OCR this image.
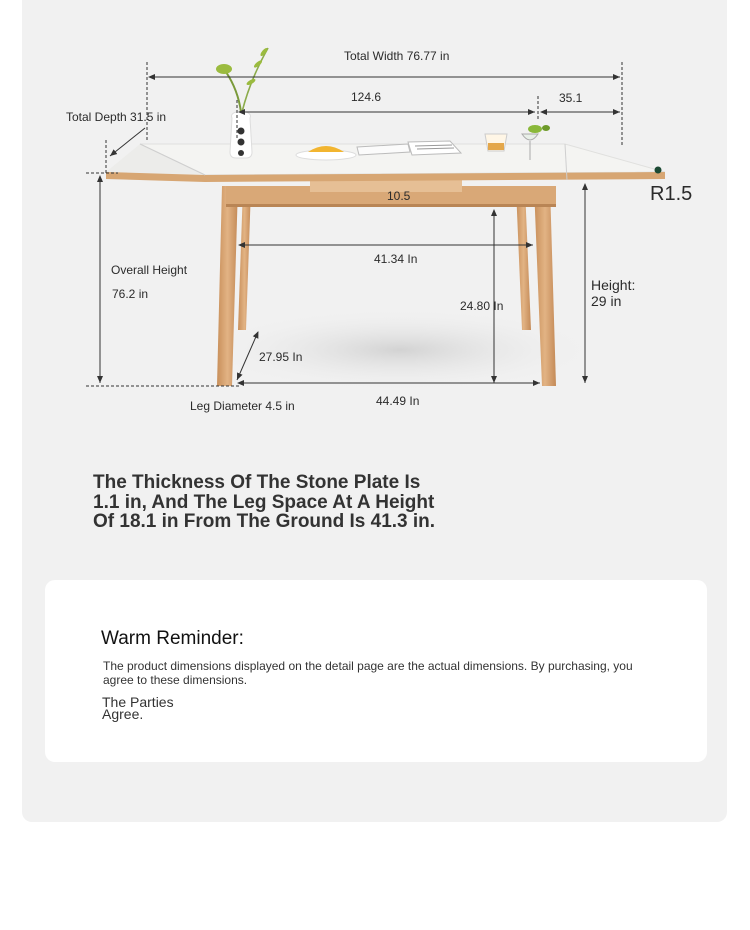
Total Width 76.77 in
124.6	35.1
Total Depth 31.5 in
10.5	R1.5
Overall Height
76.2 in
41.34 In
24.80 In
Height:
29 in
27.95 In
Leg Diameter 4.5 in	44.49 In
The Thickness Of The Stone Plate Is
1.1 in, And The Leg Space At A Height
Of 18.1 in From The Ground Is 41.3 in.
Warm Reminder:
The product dimensions displayed on the detail page are the actual dimensions. By purchasing, you agree to these dimensions.
The Parties
Agree.
